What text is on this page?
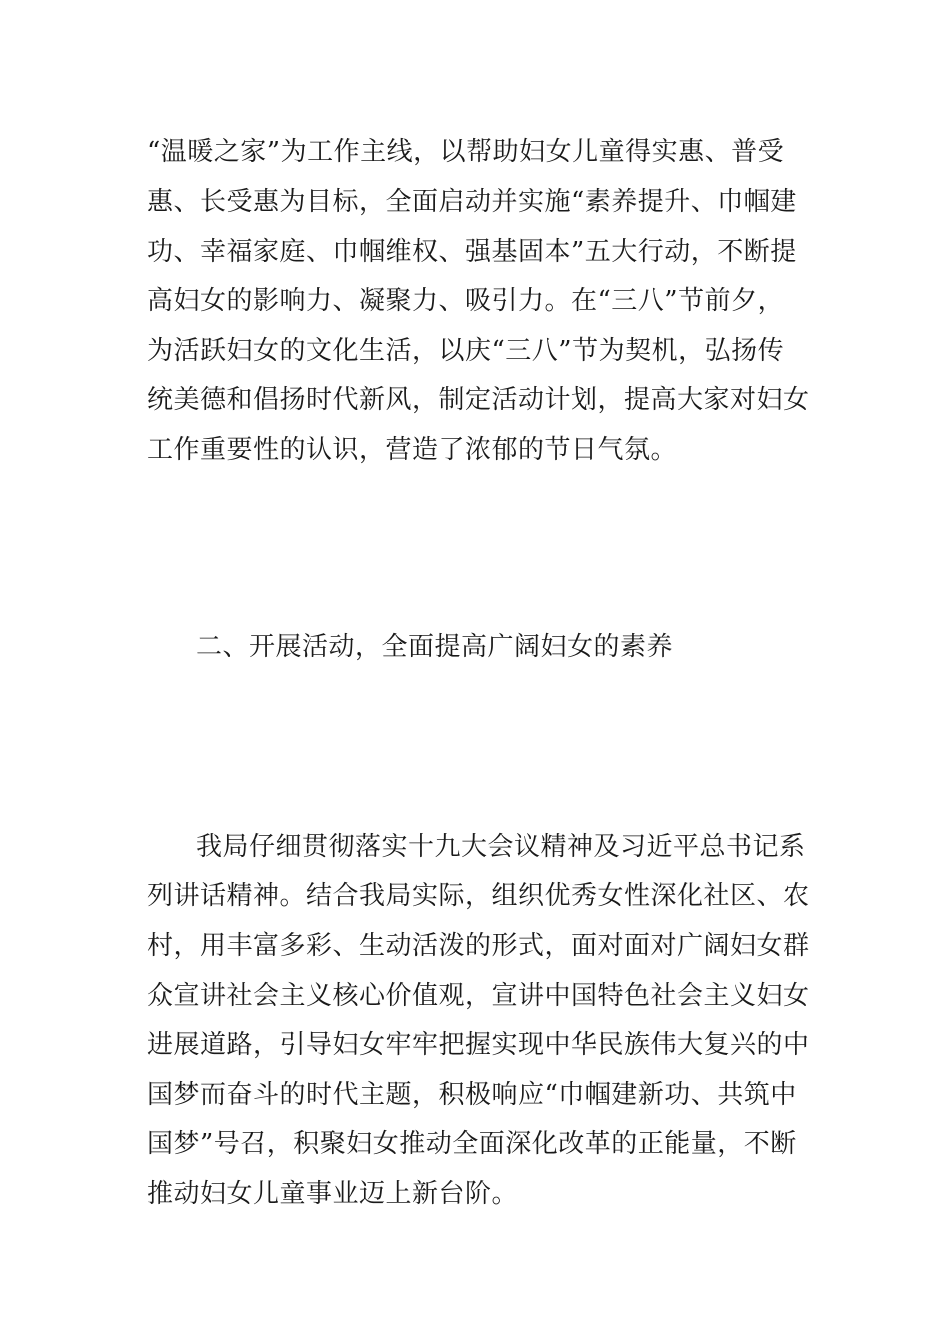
“温暖之家”为工作主线，以帮助妇女儿童得实惠、普受
惠、长受惠为目标，全面启动并实施“素养提升、巾帼建
功、幸福家庭、巾帼维权、强基固本”五大行动，不断提
高妇女的影响力、凝聚力、吸引力。在“三八”节前夕，
为活跃妇女的文化生活，以庆“三八”节为契机，弘扬传
统美德和倡扬时代新风，制定活动计划，提高大家对妇女
工作重要性的认识，营造了浓郁的节日气氛。
二、开展活动，全面提高广阔妇女的素养
我局仔细贯彻落实十九大会议精神及习近平总书记系
列讲话精神。结合我局实际，组织优秀女性深化社区、农
村，用丰富多彩、生动活泼的形式，面对面对广阔妇女群
众宣讲社会主义核心价值观，宣讲中国特色社会主义妇女
进展道路，引导妇女牢牢把握实现中华民族伟大复兴的中
国梦而奋斗的时代主题，积极响应“巾帼建新功、共筑中
国梦”号召，积聚妇女推动全面深化改革的正能量，不断
推动妇女儿童事业迈上新台阶。
